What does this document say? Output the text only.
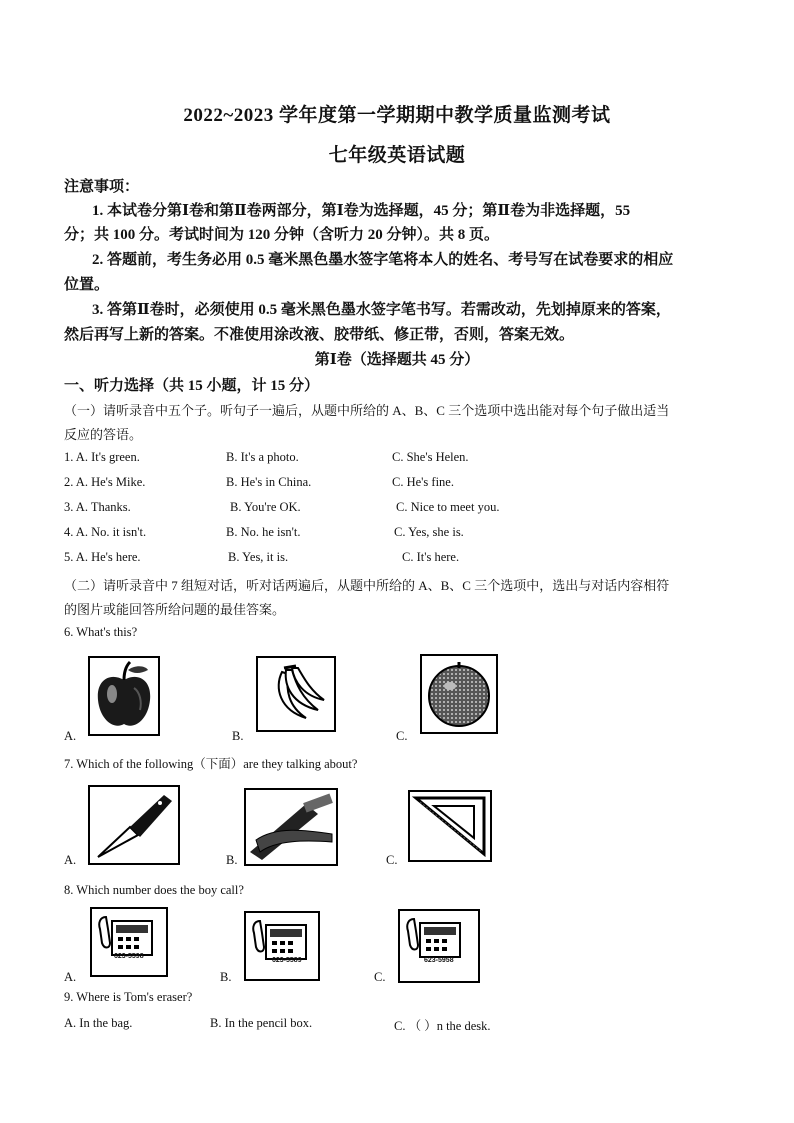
2022~2023 学年度第一学期期中教学质量监测考试
七年级英语试题
注意事项：
1. 本试卷分第Ⅰ卷和第Ⅱ卷两部分，第Ⅰ卷为选择题，45 分；第Ⅱ卷为非选择题，55
分；共 100 分。考试时间为 120 分钟（含听力 20 分钟）。共 8 页。
2. 答题前，考生务必用 0.5 毫米黑色墨水签字笔将本人的姓名、考号写在试卷要求的相应
位置。
3. 答第Ⅱ卷时，必须使用 0.5 毫米黑色墨水签字笔书写。若需改动，先划掉原来的答案，
然后再写上新的答案。不准使用涂改液、胶带纸、修正带，否则，答案无效。
第Ⅰ卷（选择题共 45 分）
一、听力选择（共 15 小题，计 15 分）
（一）请听录音中五个子。听句子一遍后，从题中所给的 A、B、C 三个选项中选出能对每个句子做出适当
反应的答语。
1. A. It's green.	B. It's a photo.	C. She's Helen.
2. A. He's Mike.	B. He's in China.	C. He's fine.
3. A. Thanks.	B. You're OK.	C. Nice to meet you.
4. A. No. it isn't.	B. No. he isn't.	C. Yes, she is.
5. A. He's here.	B. Yes, it is.	C. It's here.
（二）请听录音中 7 组短对话，听对话两遍后，从题中所给的 A、B、C 三个选项中，选出与对话内容相符
的图片或能回答所给问题的最佳答案。
6. What's this?
A.	B.	C.
7. Which of the following（下面）are they talking about?
A.	B.	C.
8. Which number does the boy call?
A.
623-5598
B.
623-5589
C.
623-5958
9. Where is Tom's eraser?
A. In the bag.	B. In the pencil box.	C. （ ）n the desk.
